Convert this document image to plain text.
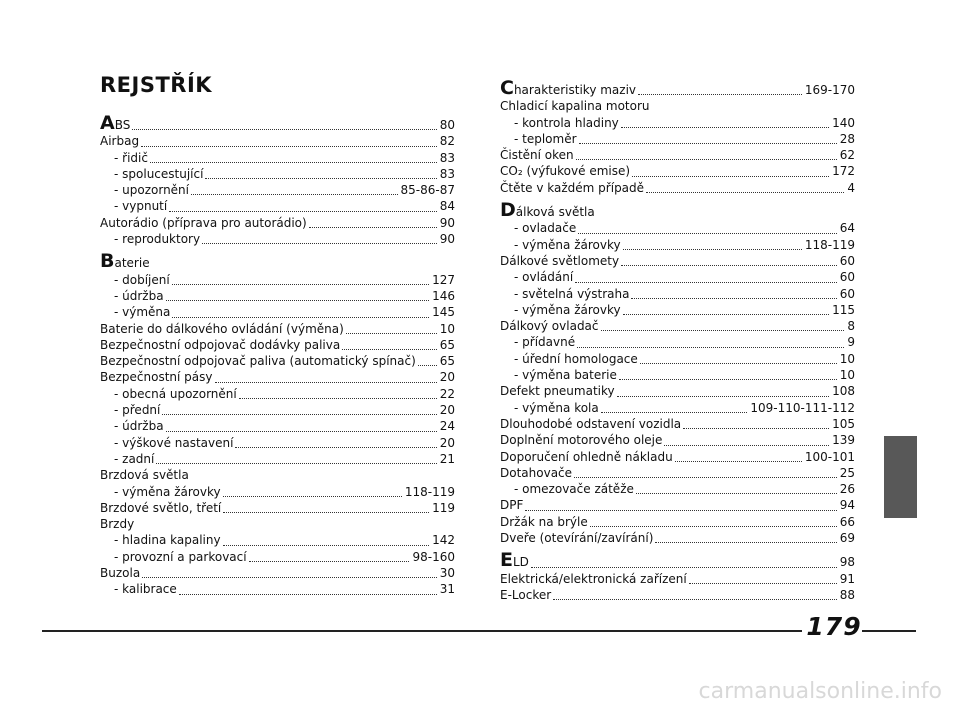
REJSTŘÍK
ABS	80
Airbag	82
- řidič	83
- spolucestující	83
- upozornění	85-86-87
- vypnutí	84
Autorádio (příprava pro autorádio)	90
- reproduktory	90
Baterie
- dobíjení	127
- údržba	146
- výměna	145
Baterie do dálkového ovládání (výměna)	10
Bezpečnostní odpojovač dodávky paliva	65
Bezpečnostní odpojovač paliva (automatický spínač) 65
Bezpečnostní pásy	20
- obecná upozornění	22
- přední	20
- údržba	24
- výškové nastavení	20
- zadní	21
Brzdová světla
- výměna žárovky	118-119
Brzdové světlo, třetí	119
Brzdy
- hladina kapaliny	142
- provozní a parkovací	98-160
Buzola	30
- kalibrace	31
Charakteristiky maziv	169-170
Chladicí kapalina motoru
- kontrola hladiny	140
- teploměr	28
Čistění oken	62
CO₂ (výfukové emise)	172
Čtěte v každém případě	4
Dálková světla
- ovladače	64
- výměna žárovky	118-119
Dálkové světlomety	60
- ovládání	60
- světelná výstraha	60
- výměna žárovky	115
Dálkový ovladač	8
- přídavné	9
- úřední homologace	10
- výměna baterie	10
Defekt pneumatiky	108
- výměna kola	109-110-111-112
Dlouhodobé odstavení vozidla	105
Doplnění motorového oleje	139
Doporučení ohledně nákladu	100-101
Dotahovače	25
- omezovače zátěže	26
DPF	94
Držák na brýle	66
Dveře (otevírání/zavírání)	69
ELD	98
Elektrická/elektronická zařízení	91
E-Locker	88
179
carmanualsonline.info
